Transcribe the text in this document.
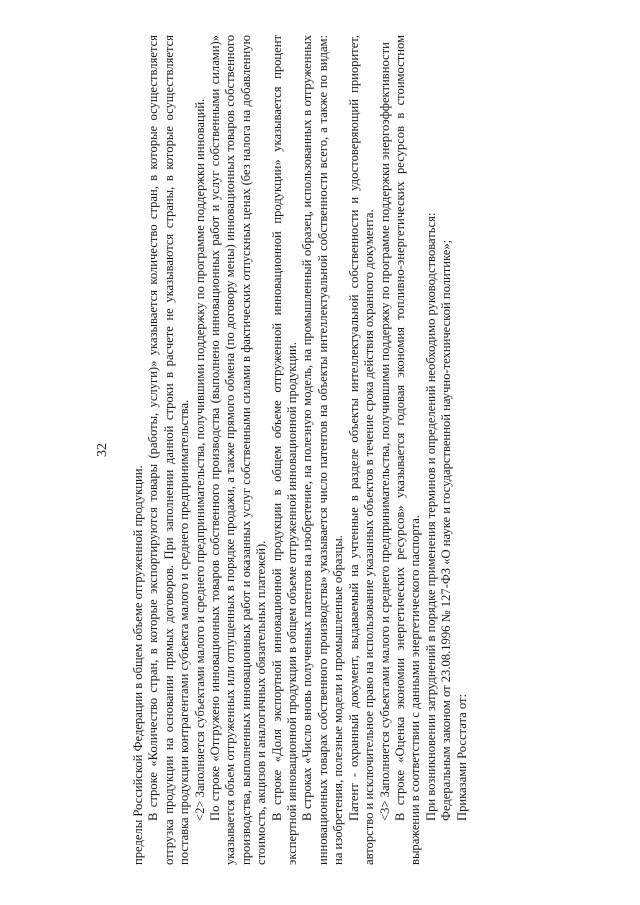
32

пределы Российской Федерации в общем объеме отгруженной продукции. В строке «Количество стран, в которые экспортируются товары (работы, услуги)» указывается количество стран, в которые осуществляется отгрузка продукции на основании прямых договоров. При заполнении данной строки в расчете не указываются страны, в которые осуществляется поставка продукции контрагентами субъекта малого и среднего предпринимательства. <2> Заполняется субъектами малого и среднего предпринимательства, получившими поддержку по программе поддержки инноваций. По строке «Отгружено инновационных товаров собственного производства (выполнено инновационных работ и услуг собственными силами)» указывается объем отгруженных или отпущенных в порядке продажи, а также прямого обмена (по договору мены) инновационных товаров собственного производства, выполненных инновационных работ и оказанных услуг собственными силами в фактических отпускных ценах (без налога на добавленную стоимость, акцизов и аналогичных обязательных платежей). В строке «Доля экспортной инновационной продукции в общем объеме отгруженной инновационной продукции» указывается процент экспертной инновационной продукции в общем объеме отгруженной инновационной продукции. В строках «Число вновь полученных патентов на изобретение, на полезную модель, на промышленный образец, использованных в отгруженных инновационных товарах собственного производства» указывается число патентов на объекты интеллектуальной собственности всего, а также по видам: на изобретения, полезные модели и промышленные образцы. Патент - охранный документ, выдаваемый на учтенные в разделе объекты интеллектуальной собственности и удостоверяющий приоритет, авторство и исключительное право на использование указанных объектов в течение срока действия охранного документа. <3> Заполняется субъектами малого и среднего предпринимательства, получившими поддержку по программе поддержки энергоэффективности В строке «Оценка экономии энергетических ресурсов» указывается годовая экономия топливно-энергетических ресурсов в стоимостном выражении в соответствии с данными энергетического паспорта. При возникновении затруднений в порядке применения терминов и определений необходимо руководствоваться: Федеральным законом от 23.08.1996 № 127-ФЗ «О науке и государственной научно-технической политике»; Приказами Росстата от:
